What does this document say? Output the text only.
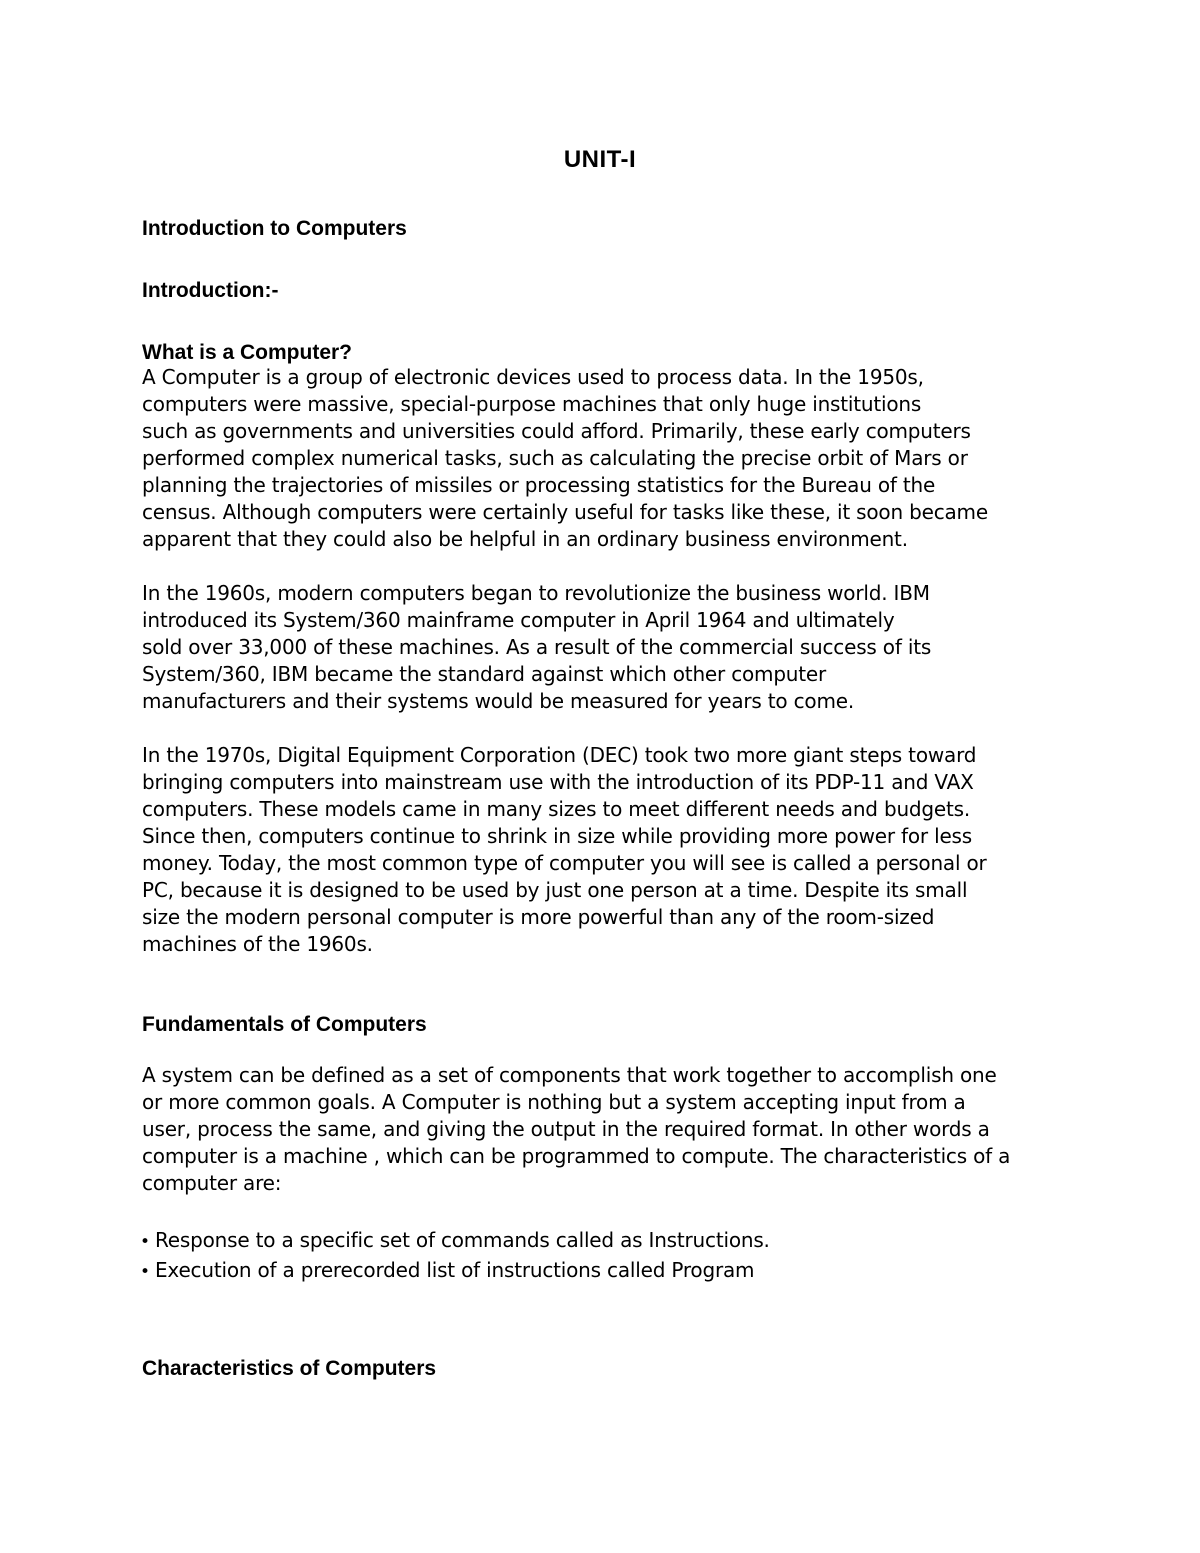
UNIT-I
Introduction to Computers
Introduction:-
What is a Computer?
A Computer is a group of electronic devices used to process data. In the 1950s,
computers were massive, special-purpose machines that only huge institutions
such as governments and universities could afford. Primarily, these early computers
performed complex numerical tasks, such as calculating the precise orbit of Mars or
planning the trajectories of missiles or processing statistics for the Bureau of the
census. Although computers were certainly useful for tasks like these, it soon became
apparent that they could also be helpful in an ordinary business environment.
In the 1960s, modern computers began to revolutionize the business world. IBM
introduced its System/360 mainframe computer in April 1964 and ultimately
sold over 33,000 of these machines. As a result of the commercial success of its
System/360, IBM became the standard against which other computer
manufacturers and their systems would be measured for years to come.
In the 1970s, Digital Equipment Corporation (DEC) took two more giant steps toward
bringing computers into mainstream use with the introduction of its PDP-11 and VAX
computers. These models came in many sizes to meet different needs and budgets.
Since then, computers continue to shrink in size while providing more power for less
money. Today, the most common type of computer you will see is called a personal or
PC, because it is designed to be used by just one person at a time. Despite its small
size the modern personal computer is more powerful than any of the room-sized
machines of the 1960s.
Fundamentals of Computers
A system can be defined as a set of components that work together to accomplish one
or more common goals. A Computer is nothing but a system accepting input from a
user, process the same, and giving the output in the required format. In other words a
computer is a machine , which can be programmed to compute. The characteristics of a
computer are:
• Response to a specific set of commands called as Instructions.
• Execution of a prerecorded list of instructions called Program
Characteristics of Computers
